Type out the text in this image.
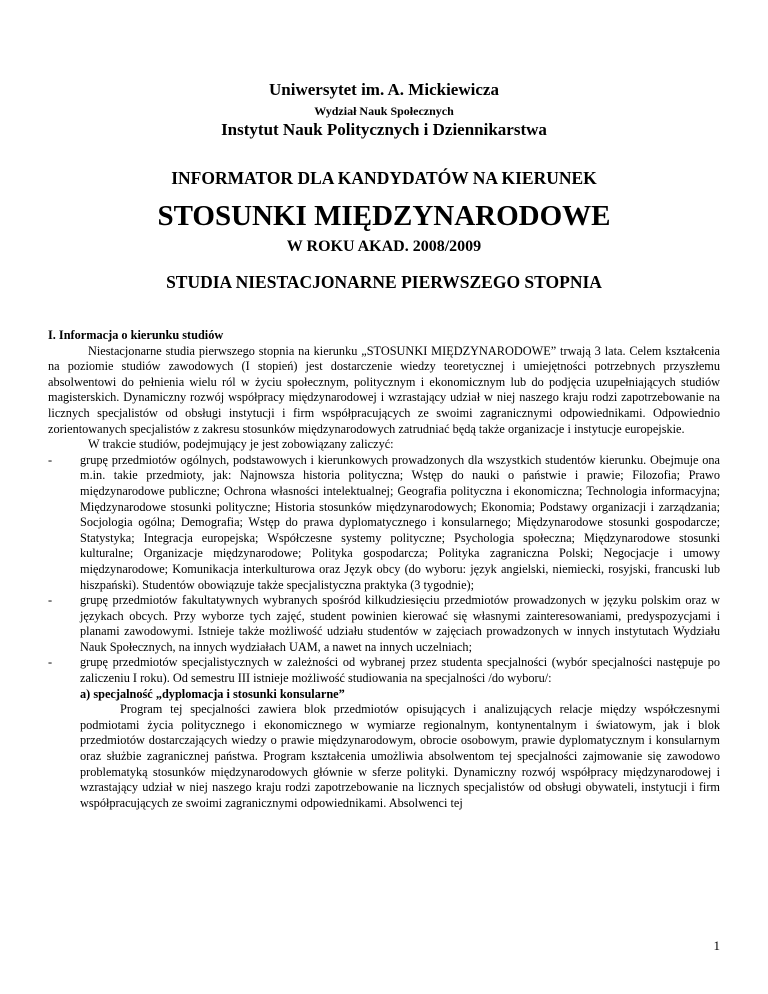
Uniwersytet im. A. Mickiewicza
Wydział Nauk Społecznych
Instytut Nauk Politycznych i Dziennikarstwa
INFORMATOR DLA KANDYDATÓW NA KIERUNEK
STOSUNKI MIĘDZYNARODOWE
W ROKU AKAD. 2008/2009
STUDIA NIESTACJONARNE PIERWSZEGO STOPNIA

I. Informacja o kierunku studiów

Niestacjonarne studia pierwszego stopnia na kierunku „STOSUNKI MIĘDZYNARODOWE” trwają 3 lata. Celem kształcenia na poziomie studiów zawodowych (I stopień) jest dostarczenie wiedzy teoretycznej i umiejętności potrzebnych przyszłemu absolwentowi do pełnienia wielu ról w życiu społecznym, politycznym i ekonomicznym lub do podjęcia uzupełniających studiów magisterskich. Dynamiczny rozwój współpracy międzynarodowej i wzrastający udział w niej naszego kraju rodzi zapotrzebowanie na licznych specjalistów od obsługi instytucji i firm współpracujących ze swoimi zagranicznymi odpowiednikami. Odpowiednio zorientowanych specjalistów z zakresu stosunków międzynarodowych zatrudniać będą także organizacje i instytucje europejskie.

W trakcie studiów, podejmujący je jest zobowiązany zaliczyć:

- grupę przedmiotów ogólnych, podstawowych i kierunkowych prowadzonych dla wszystkich studentów kierunku. Obejmuje ona m.in. takie przedmioty, jak: Najnowsza historia polityczna; Wstęp do nauki o państwie i prawie; Filozofia; Prawo międzynarodowe publiczne; Ochrona własności intelektualnej; Geografia polityczna i ekonomiczna; Technologia informacyjna; Międzynarodowe stosunki polityczne; Historia stosunków międzynarodowych; Ekonomia; Podstawy organizacji i zarządzania; Socjologia ogólna; Demografia; Wstęp do prawa dyplomatycznego i konsularnego; Międzynarodowe stosunki gospodarcze; Statystyka; Integracja europejska; Współczesne systemy polityczne; Psychologia społeczna; Międzynarodowe stosunki kulturalne; Organizacje międzynarodowe; Polityka gospodarcza; Polityka zagraniczna Polski; Negocjacje i umowy międzynarodowe; Komunikacja interkulturowa oraz Język obcy (do wyboru: język angielski, niemiecki, rosyjski, francuski lub hiszpański). Studentów obowiązuje także specjalistyczna praktyka (3 tygodnie);
- grupę przedmiotów fakultatywnych wybranych spośród kilkudziesięciu przedmiotów prowadzonych w języku polskim oraz w językach obcych. Przy wyborze tych zajęć, student powinien kierować się własnymi zainteresowaniami, predyspozycjami i planami zawodowymi. Istnieje także możliwość udziału studentów w zajęciach prowadzonych w innych instytutach Wydziału Nauk Społecznych, na innych wydziałach UAM, a nawet na innych uczelniach;
- grupę przedmiotów specjalistycznych w zależności od wybranej przez studenta specjalności (wybór specjalności następuje po zaliczeniu I roku). Od semestru III istnieje możliwość studiowania na specjalności /do wyboru/:

a) specjalność „dyplomacja i stosunki konsularne”

Program tej specjalności zawiera blok przedmiotów opisujących i analizujących relacje między współczesnymi podmiotami życia politycznego i ekonomicznego w wymiarze regionalnym, kontynentalnym i światowym, jak i blok przedmiotów dostarczających wiedzy o prawie międzynarodowym, obrocie osobowym, prawie dyplomatycznym i konsularnym oraz służbie zagranicznej państwa. Program kształcenia umożliwia absolwentom tej specjalności zajmowanie się zawodowo problematyką stosunków międzynarodowych głównie w sferze polityki. Dynamiczny rozwój współpracy międzynarodowej i wzrastający udział w niej naszego kraju rodzi zapotrzebowanie na licznych specjalistów od obsługi obywateli, instytucji i firm współpracujących ze swoimi zagranicznymi odpowiednikami. Absolwenci tej

1
